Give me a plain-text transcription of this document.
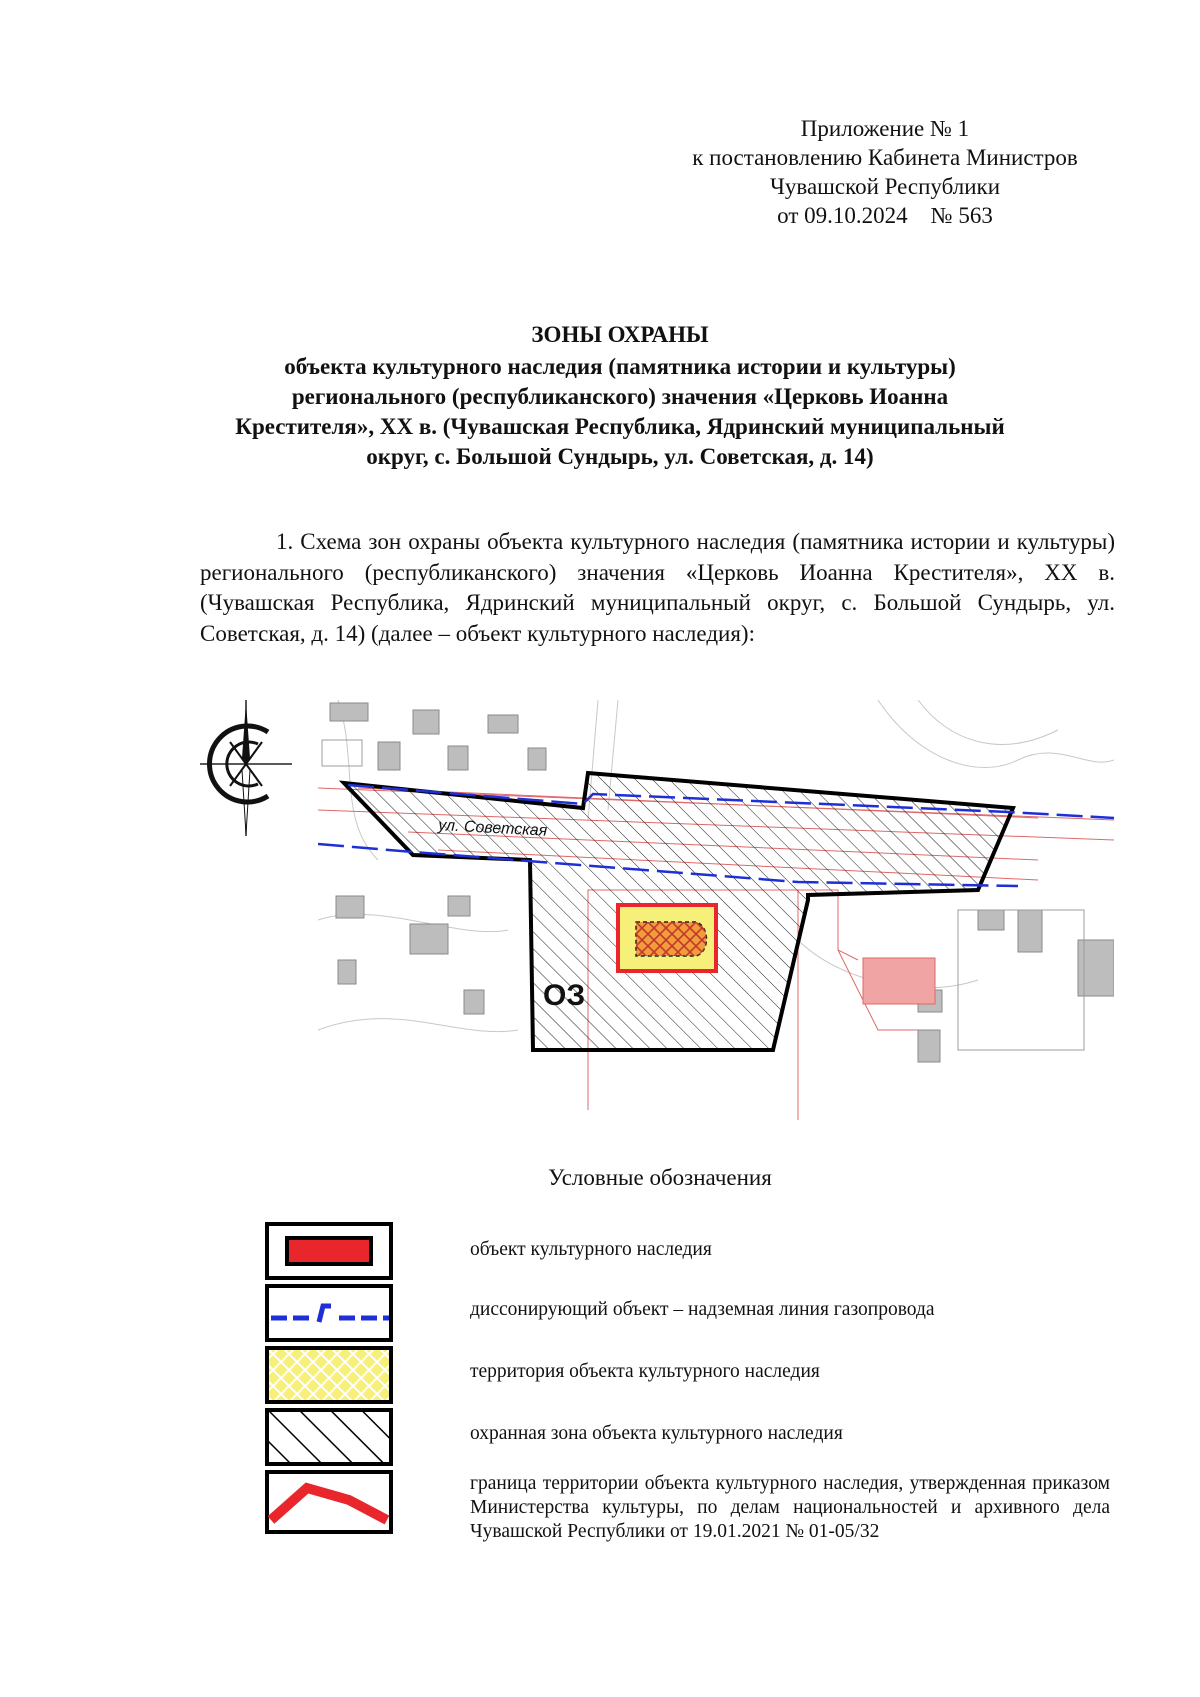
Приложение № 1
к постановлению Кабинета Министров
Чувашской Республики
от 09.10.2024    № 563
ЗОНЫ ОХРАНЫ
объекта культурного наследия (памятника истории и культуры)
регионального (республиканского) значения «Церковь Иоанна
Крестителя», XX в. (Чувашская Республика, Ядринский муниципальный
округ, с. Большой Сундырь, ул. Советская, д. 14)

1. Схема зон охраны объекта культурного наследия (памятника истории и культуры) регионального (республиканского) значения «Церковь Иоанна Крестителя», XX в. (Чувашская Республика, Ядринский муниципальный округ, с. Большой Сундырь, ул. Советская, д. 14) (далее – объект культурного наследия):

ул. Советская
ОЗ
Условные обозначения
объект культурного наследия
диссонирующий объект – надземная линия газопровода
территория объекта культурного наследия
охранная зона объекта культурного наследия
граница территории объекта культурного наследия, утвержденная приказом Министерства культуры, по делам национальностей и архивного дела Чувашской Республики от 19.01.2021 № 01-05/32
